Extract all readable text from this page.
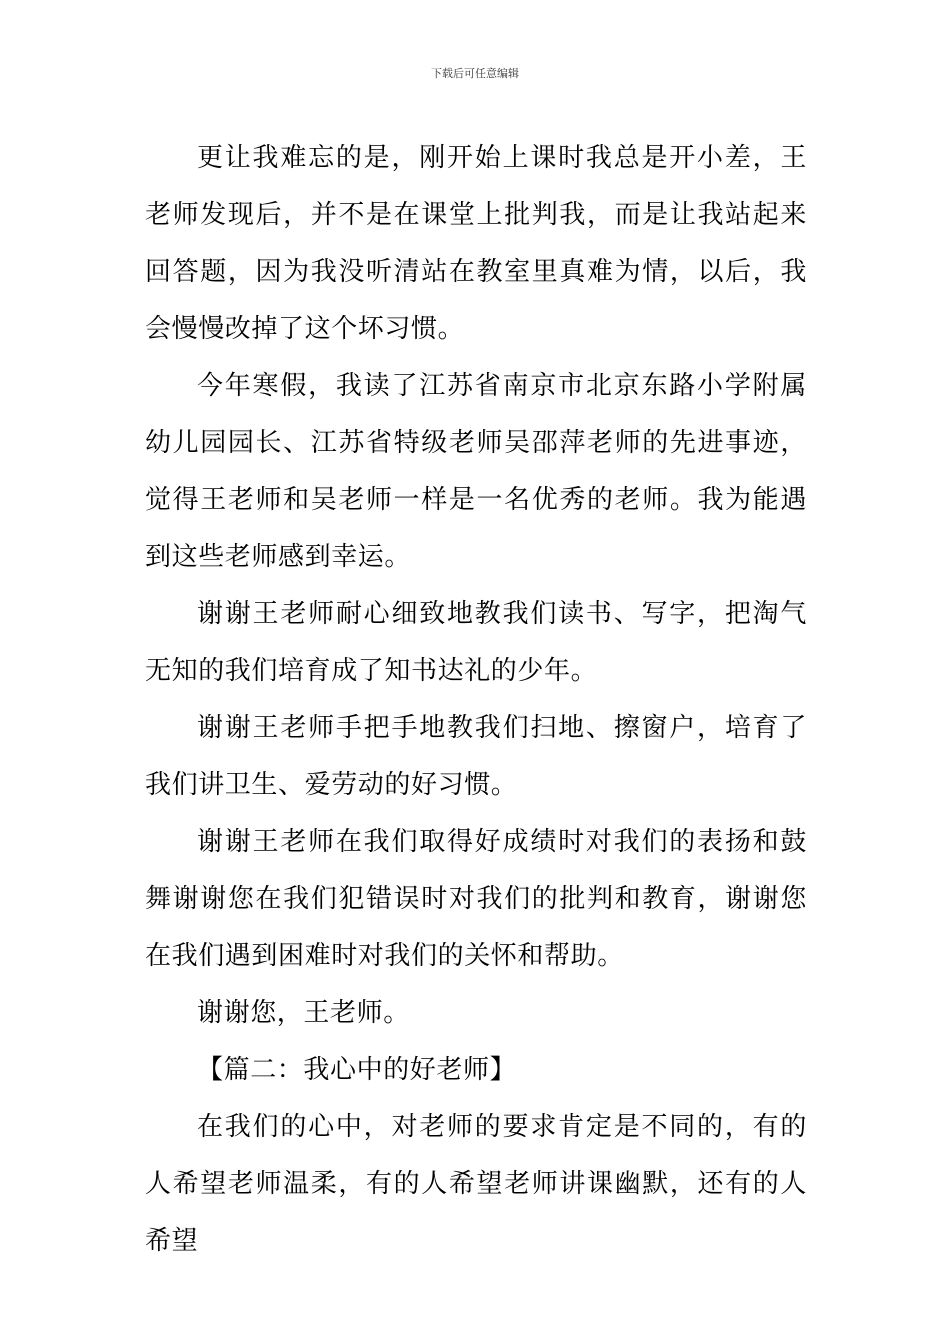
下载后可任意编辑

更让我难忘的是，刚开始上课时我总是开小差，王老师发现后，并不是在课堂上批判我，而是让我站起来回答题，因为我没听清站在教室里真难为情，以后，我会慢慢改掉了这个坏习惯。

今年寒假，我读了江苏省南京市北京东路小学附属幼儿园园长、江苏省特级老师吴邵萍老师的先进事迹，觉得王老师和吴老师一样是一名优秀的老师。我为能遇到这些老师感到幸运。

谢谢王老师耐心细致地教我们读书、写字，把淘气无知的我们培育成了知书达礼的少年。

谢谢王老师手把手地教我们扫地、擦窗户，培育了我们讲卫生、爱劳动的好习惯。

谢谢王老师在我们取得好成绩时对我们的表扬和鼓舞谢谢您在我们犯错误时对我们的批判和教育，谢谢您在我们遇到困难时对我们的关怀和帮助。

谢谢您，王老师。

【篇二：我心中的好老师】

在我们的心中，对老师的要求肯定是不同的，有的人希望老师温柔，有的人希望老师讲课幽默，还有的人希望
